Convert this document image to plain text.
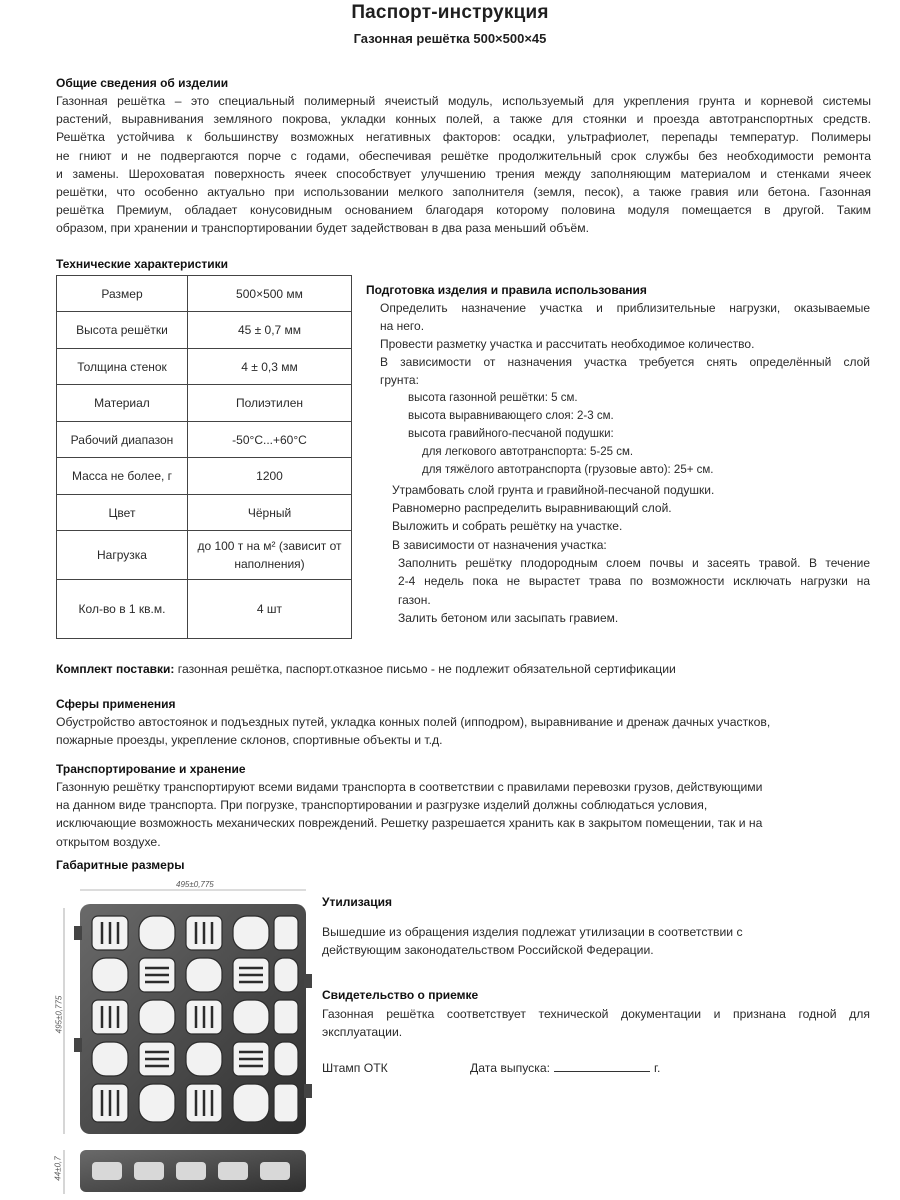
Паспорт-инструкция
Газонная решётка 500×500×45
Общие сведения об изделии
Газонная решётка – это специальный полимерный ячеистый модуль, используемый для укрепления грунта и корневой системы
растений, выравнивания земляного покрова, укладки конных полей, а также для стоянки и проезда автотранспортных средств.
Решётка устойчива к большинству возможных негативных факторов: осадки, ультрафиолет, перепады температур. Полимеры
не гниют и не подвергаются порче с годами, обеспечивая решётке продолжительный срок службы без необходимости ремонта
и замены. Шероховатая поверхность ячеек способствует улучшению трения между заполняющим материалом и стенками ячеек
решётки, что особенно актуально при использовании мелкого заполнителя (земля, песок), а также гравия или бетона. Газонная
решётка Премиум, обладает конусовидным основанием благодаря которому половина модуля помещается в другой. Таким
образом, при хранении и транспортировании будет задействован в два раза меньший объём.
Технические характеристики
Размер	500×500 мм
Высота решётки	45 ± 0,7 мм
Толщина стенок	4 ± 0,3 мм
Материал	Полиэтилен
Рабочий диапазон	-50°С...+60°С
Масса не более, г	1200
Цвет	Чёрный
Нагрузка	до 100 т на м² (зависит от наполнения)
Кол-во в 1 кв.м.	4 шт
Подготовка изделия и правила использования
Определить назначение участка и приблизительные нагрузки, оказываемые
на него.
Провести разметку участка и рассчитать необходимое количество.
В зависимости от назначения участка требуется снять определённый слой
грунта:
высота газонной решётки: 5 см.
высота выравнивающего слоя: 2-3 см.
высота гравийного-песчаной подушки:
для легкового автотранспорта: 5-25 см.
для тяжёлого автотранспорта (грузовые авто): 25+ см.
Утрамбовать слой грунта и гравийной-песчаной подушки.
Равномерно распределить выравнивающий слой.
Выложить и собрать решётку на участке.
В зависимости от назначения участка:
Заполнить решётку плодородным слоем почвы и засеять травой. В течение
2-4 недель пока не вырастет трава по возможности исключать нагрузки на
газон.
Залить бетоном или засыпать гравием.
Комплект поставки: газонная решётка, паспорт.отказное письмо - не подлежит обязательной сертификации
Сферы применения
Обустройство автостоянок и подъездных путей, укладка конных полей (ипподром), выравнивание и дренаж дачных участков,
пожарные проезды, укрепление склонов, спортивные объекты и т.д.
Транспортирование и хранение
Газонную решётку транспортируют всеми видами транспорта в соответствии с правилами перевозки грузов, действующими
на данном виде транспорта. При погрузке, транспортировании и разгрузке изделий должны соблюдаться условия,
исключающие возможность механических повреждений. Решетку разрешается хранить как в закрытом помещении, так и на
открытом воздухе.
Габаритные размеры
495±0,775
495±0,775
44±0,7
Утилизация
Вышедшие из обращения изделия подлежат утилизации в соответствии с
действующим законодательством Российской Федерации.
Свидетельство о приемке
Газонная решётка соответствует технической документации и признана годной для
эксплуатации.
Штамп ОТК	Дата выпуска:	г.
